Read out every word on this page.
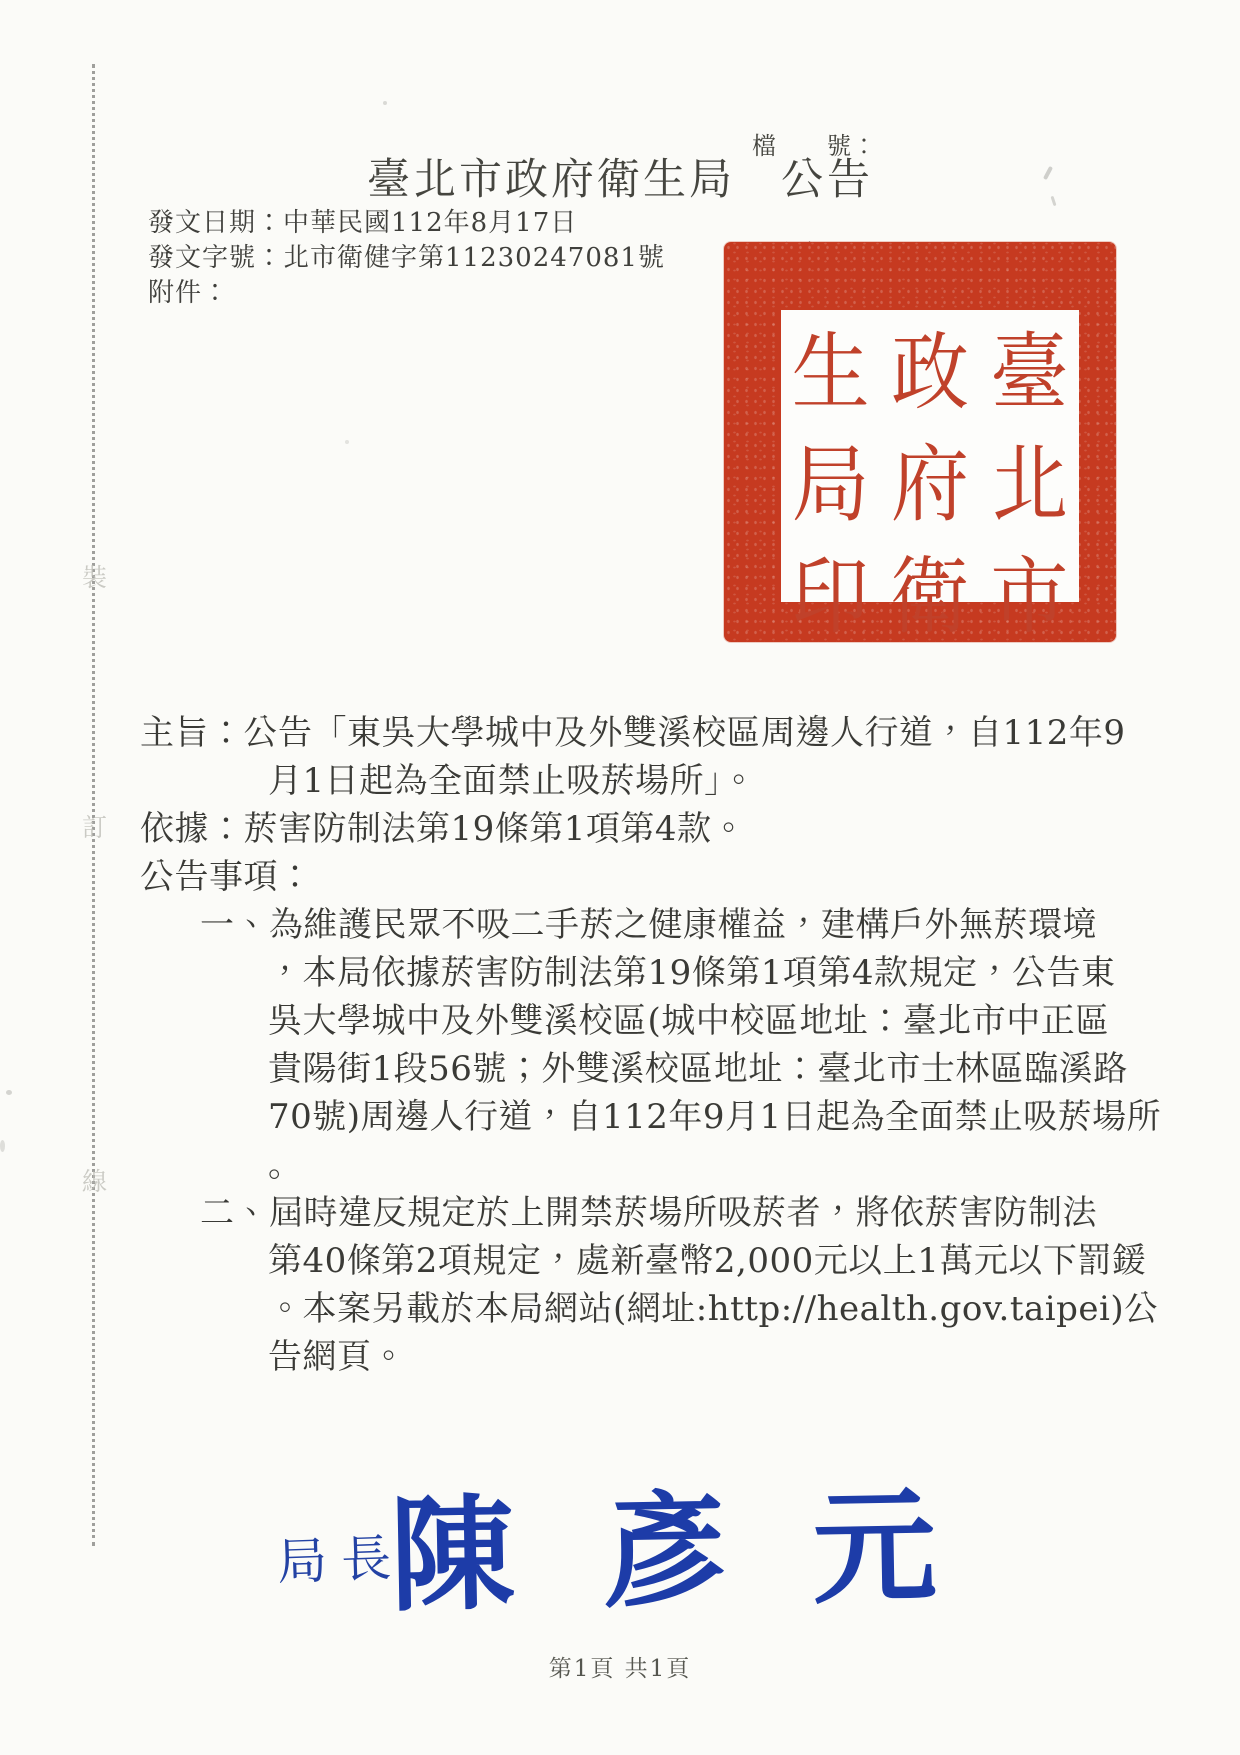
檔　　號：

臺北市政府衛生局　公告
發文日期：中華民國112年8月17日
發文字號：北市衛健字第11230247081號
附件：
臺
北
市
政
府
衛
生
局
印
主旨：公告「東吳大學城中及外雙溪校區周邊人行道，自112年9
月1日起為全面禁止吸菸場所」。
依據：菸害防制法第19條第1項第4款。
公告事項：
一、為維護民眾不吸二手菸之健康權益，建構戶外無菸環境
，本局依據菸害防制法第19條第1項第4款規定，公告東
吳大學城中及外雙溪校區(城中校區地址：臺北市中正區
貴陽街1段56號；外雙溪校區地址：臺北市士林區臨溪路
70號)周邊人行道，自112年9月1日起為全面禁止吸菸場所
。
二、屆時違反規定於上開禁菸場所吸菸者，將依菸害防制法
第40條第2項規定，處新臺幣2,000元以上1萬元以下罰鍰
。本案另載於本局網站(網址:http://health.gov.taipei)公
告網頁。
裝
訂
線
局長
陳 彥 元
第1頁 共1頁
